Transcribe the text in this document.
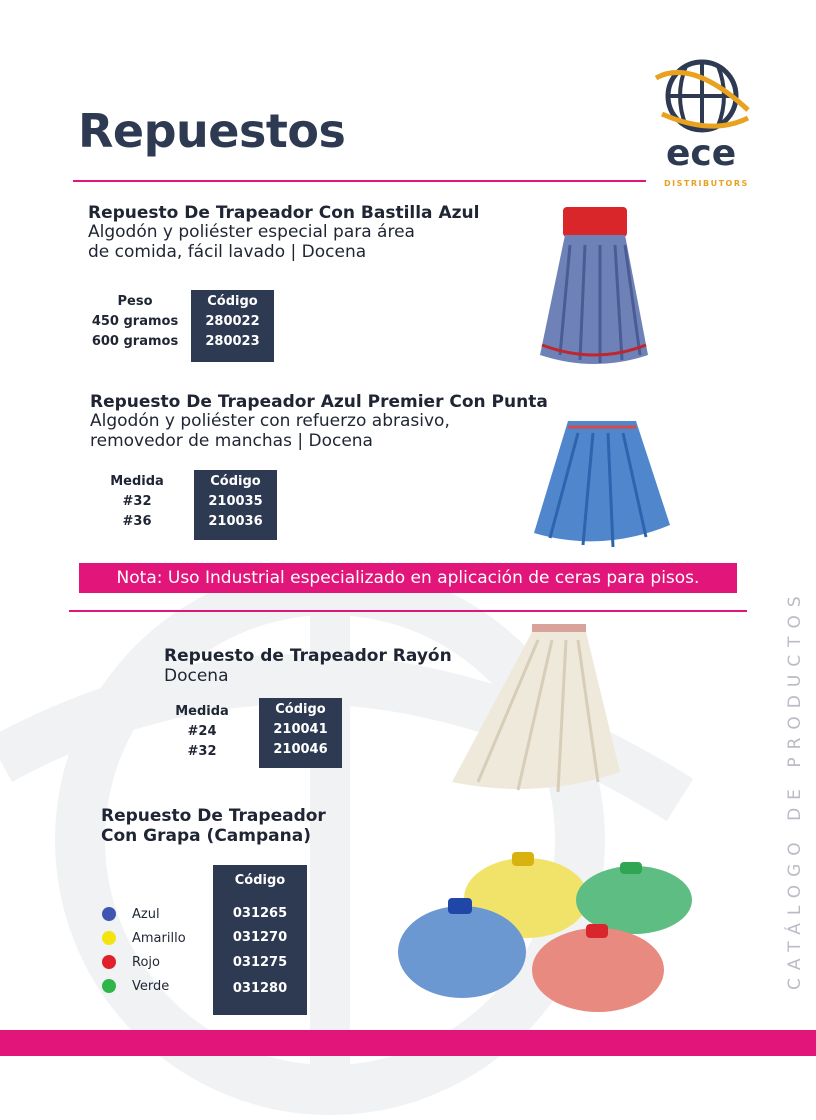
Repuestos	ece
DISTRIBUTORS
Repuesto De Trapeador Con Bastilla Azul
Algodón y poliéster especial para área
de comida, fácil lavado | Docena
Peso
450 gramos
600 gramos
Código
280022
280023
Repuesto De Trapeador Azul Premier Con Punta
Algodón y poliéster con refuerzo abrasivo,
removedor de manchas | Docena
Medida
#32
#36
Código
210035
210036
Nota: Uso Industrial especializado en aplicación de ceras para pisos.
Repuesto de Trapeador Rayón
Docena
Medida
#24
#32
Código
210041
210046
Repuesto De Trapeador
Con Grapa (Campana)
Código
031265
031270
031275
031280
Azul
Amarillo
Rojo
Verde	CATÁLOGO DE PRODUCTOS
